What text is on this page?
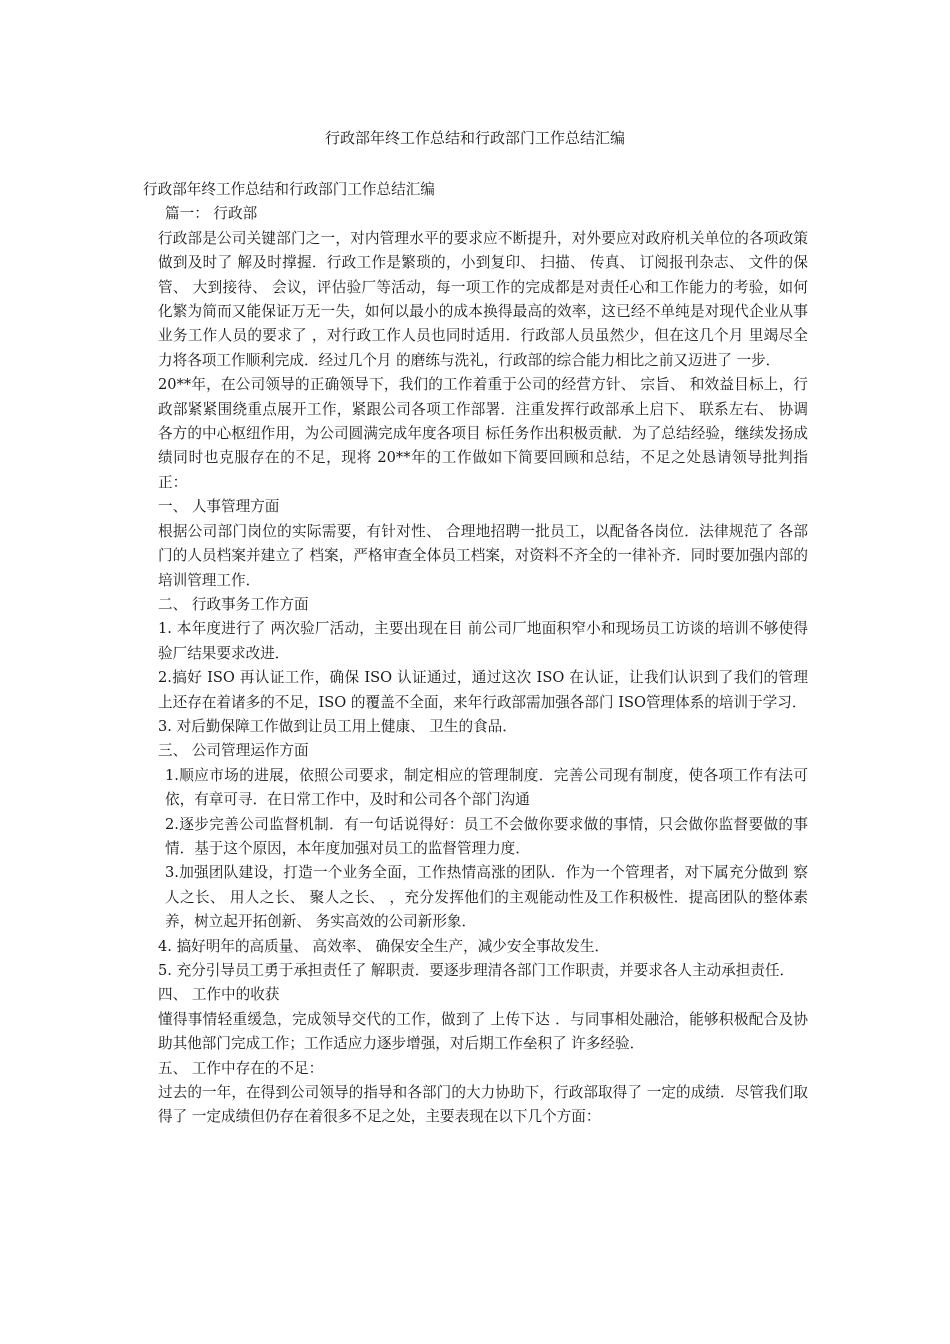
行政部年终工作总结和行政部门工作总结汇编

行政部年终工作总结和行政部门工作总结汇编

篇一： 行政部

行政部是公司关键部门之一，对内管理水平的要求应不断提升，对外要应对政府机关单位的各项政策做到及时了 解及时撑握．行政工作是繁琐的，小到复印、 扫描、 传真、 订阅报刊杂志、 文件的保管、 大到接待、 会议，评估验厂等活动，每一项工作的完成都是对责任心和工作能力的考验，如何化繁为简而又能保证万无一失，如何以最小的成本换得最高的效率，这已经不单纯是对现代企业从事业务工作人员的要求了 ，对行政工作人员也同时适用．行政部人员虽然少，但在这几个月 里竭尽全力将各项工作顺利完成．经过几个月 的磨练与洗礼，行政部的综合能力相比之前又迈进了 一步．

20**年，在公司领导的正确领导下，我们的工作着重于公司的经营方针、 宗旨、 和效益目标上，行政部紧紧围绕重点展开工作，紧跟公司各项工作部署．注重发挥行政部承上启下、 联系左右、 协调各方的中心枢纽作用，为公司圆满完成年度各项目 标任务作出积极贡献．为了总结经验，继续发扬成绩同时也克服存在的不足，现将 20**年的工作做如下简要回顾和总结，不足之处恳请领导批判指正：

一、 人事管理方面

根据公司部门岗位的实际需要，有针对性、 合理地招聘一批员工，以配备各岗位．法律规范了 各部门的人员档案并建立了 档案，严格审查全体员工档案，对资料不齐全的一律补齐．同时要加强内部的培训管理工作．

二、 行政事务工作方面

1. 本年度进行了 两次验厂活动，主要出现在目 前公司厂地面积窄小和现场员工访谈的培训不够使得验厂结果要求改进．

2.搞好 ISO 再认证工作，确保 ISO 认证通过，通过这次 ISO 在认证，让我们认识到了我们的管理上还存在着诸多的不足，ISO 的覆盖不全面，来年行政部需加强各部门 ISO管理体系的培训于学习．

3. 对后勤保障工作做到让员工用上健康、 卫生的食品．

三、 公司管理运作方面

1.顺应市场的进展，依照公司要求，制定相应的管理制度．完善公司现有制度，使各项工作有法可依，有章可寻．在日常工作中，及时和公司各个部门沟通

2.逐步完善公司监督机制．有一句话说得好：员工不会做你要求做的事情，只会做你监督要做的事情．基于这个原因，本年度加强对员工的监督管理力度．

3.加强团队建设，打造一个业务全面，工作热情高涨的团队．作为一个管理者，对下属充分做到 察人之长、 用人之长、 聚人之长、 ，充分发挥他们的主观能动性及工作积极性．提高团队的整体素养，树立起开拓创新、 务实高效的公司新形象．

4. 搞好明年的高质量、 高效率、 确保安全生产，减少安全事故发生．

5. 充分引导员工勇于承担责任了 解职责．要逐步理清各部门工作职责，并要求各人主动承担责任．

四、 工作中的收获

懂得事情轻重缓急，完成领导交代的工作，做到了 上传下达 ．与同事相处融洽，能够积极配合及协助其他部门完成工作；工作适应力逐步增强，对后期工作垒积了 许多经验．

五、 工作中存在的不足：

过去的一年，在得到公司领导的指导和各部门的大力协助下，行政部取得了 一定的成绩．尽管我们取得了 一定成绩但仍存在着很多不足之处，主要表现在以下几个方面：
